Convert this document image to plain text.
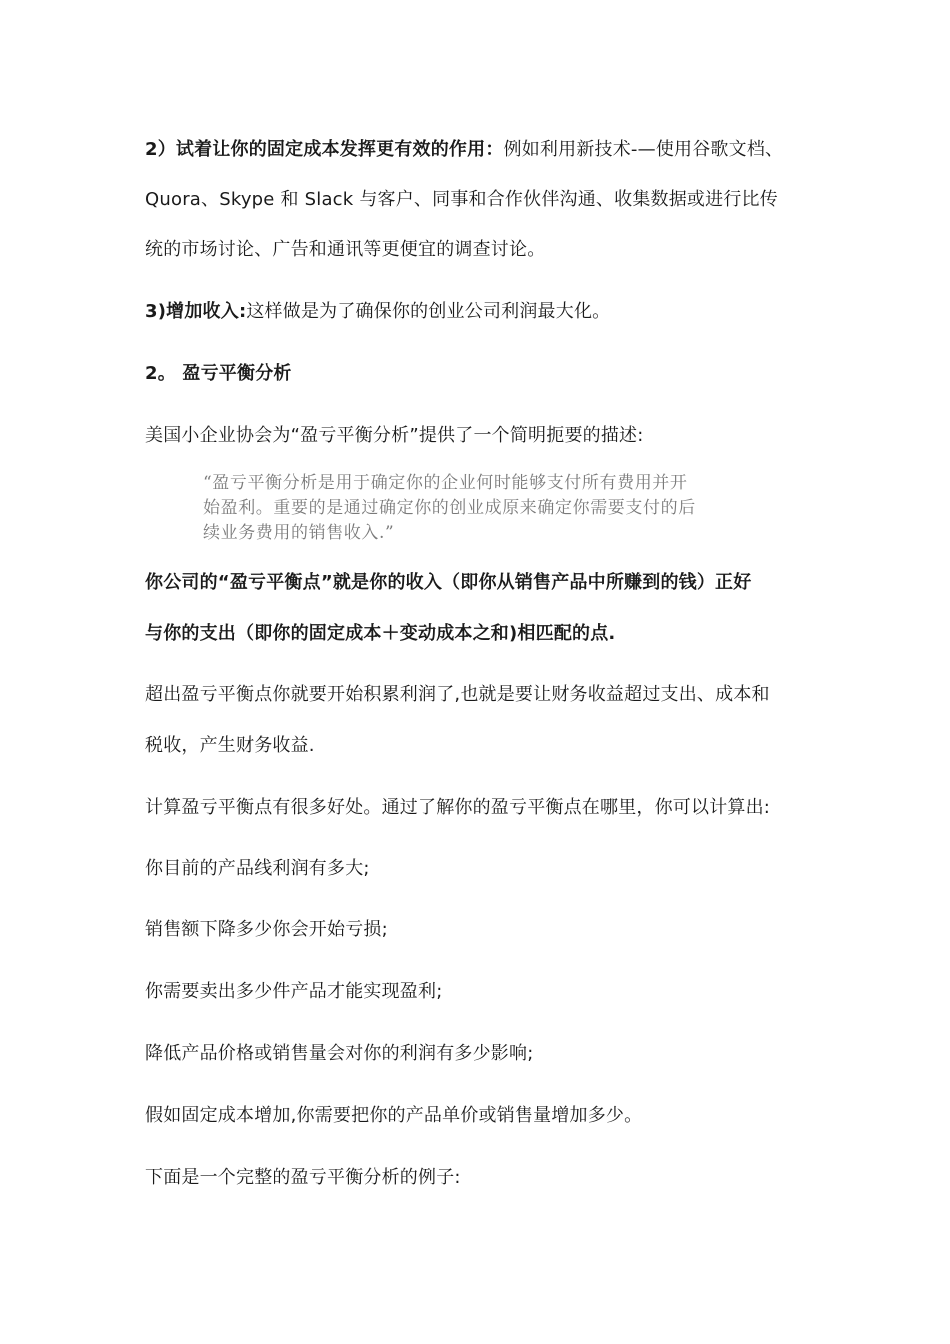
2）试着让你的固定成本发挥更有效的作用：例如利用新技术-—使用谷歌文档、
Quora、Skype 和 Slack 与客户、同事和合作伙伴沟通、收集数据或进行比传
统的市场讨论、广告和通讯等更便宜的调查讨论。
3)增加收入:这样做是为了确保你的创业公司利润最大化。
2。 盈亏平衡分析
美国小企业协会为“盈亏平衡分析”提供了一个简明扼要的描述:
“盈亏平衡分析是用于确定你的企业何时能够支付所有费用并开
始盈利。重要的是通过确定你的创业成原来确定你需要支付的后
续业务费用的销售收入.”
你公司的“盈亏平衡点”就是你的收入（即你从销售产品中所赚到的钱）正好
与你的支出（即你的固定成本＋变动成本之和)相匹配的点.
超出盈亏平衡点你就要开始积累利润了,也就是要让财务收益超过支出、成本和
税收，产生财务收益.
计算盈亏平衡点有很多好处。通过了解你的盈亏平衡点在哪里，你可以计算出:
你目前的产品线利润有多大;
销售额下降多少你会开始亏损;
你需要卖出多少件产品才能实现盈利;
降低产品价格或销售量会对你的利润有多少影响;
假如固定成本增加,你需要把你的产品单价或销售量增加多少。
下面是一个完整的盈亏平衡分析的例子:
